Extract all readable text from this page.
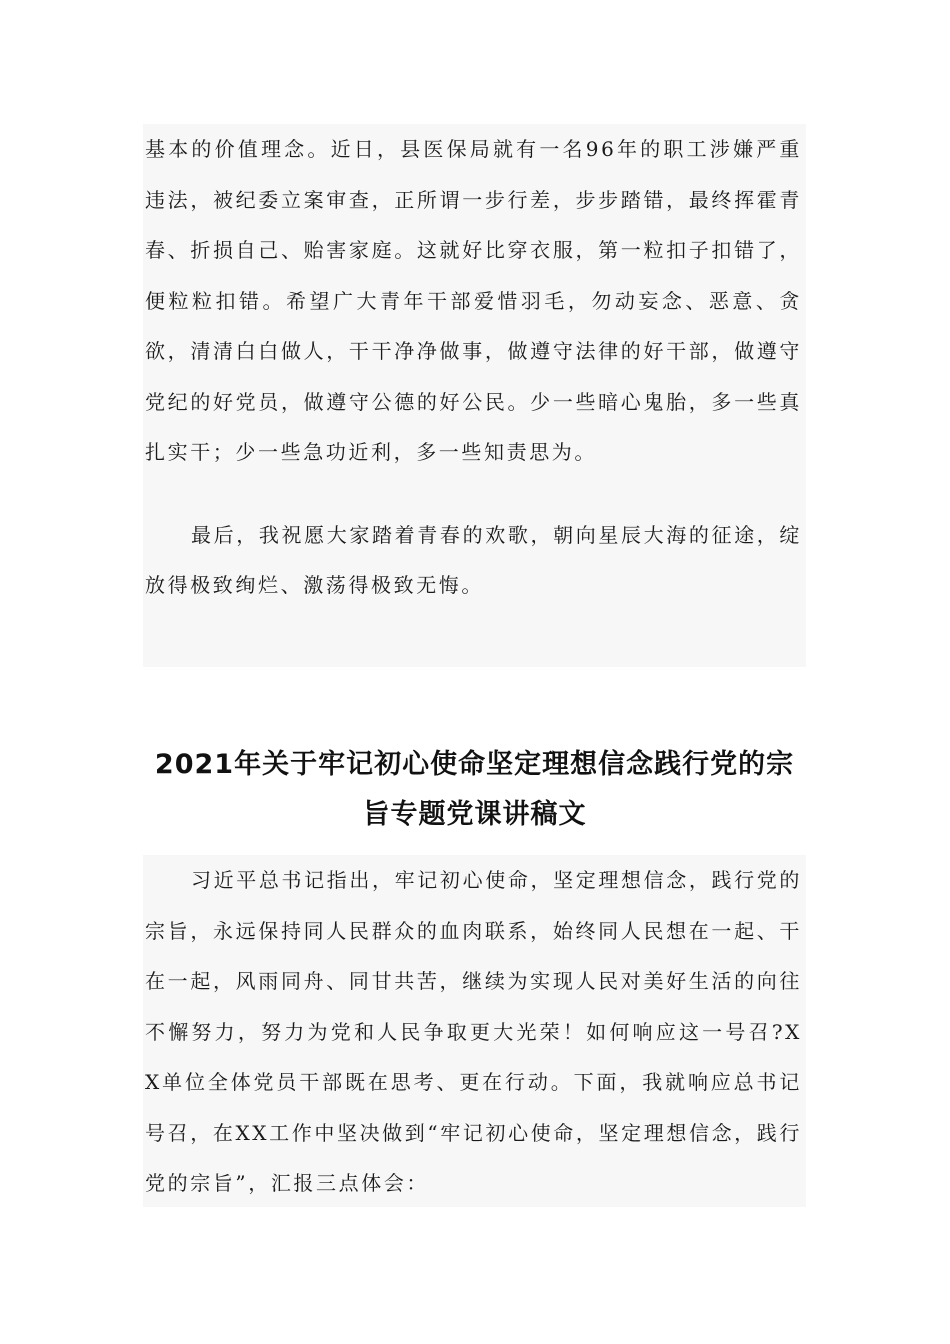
基本的价值理念。近日，县医保局就有一名96年的职工涉嫌严重违法，被纪委立案审查，正所谓一步行差，步步踏错，最终挥霍青春、折损自己、贻害家庭。这就好比穿衣服，第一粒扣子扣错了，便粒粒扣错。希望广大青年干部爱惜羽毛，勿动妄念、恶意、贪欲，清清白白做人，干干净净做事，做遵守法律的好干部，做遵守党纪的好党员，做遵守公德的好公民。少一些暗心鬼胎，多一些真扎实干；少一些急功近利，多一些知责思为。

最后，我祝愿大家踏着青春的欢歌，朝向星辰大海的征途，绽放得极致绚烂、激荡得极致无悔。

2021年关于牢记初心使命坚定理想信念践行党的宗旨专题党课讲稿文

习近平总书记指出，牢记初心使命，坚定理想信念，践行党的宗旨，永远保持同人民群众的血肉联系，始终同人民想在一起、干在一起，风雨同舟、同甘共苦，继续为实现人民对美好生活的向往不懈努力，努力为党和人民争取更大光荣！如何响应这一号召?XX单位全体党员干部既在思考、更在行动。下面，我就响应总书记号召，在XX工作中坚决做到“牢记初心使命，坚定理想信念，践行党的宗旨”，汇报三点体会：
